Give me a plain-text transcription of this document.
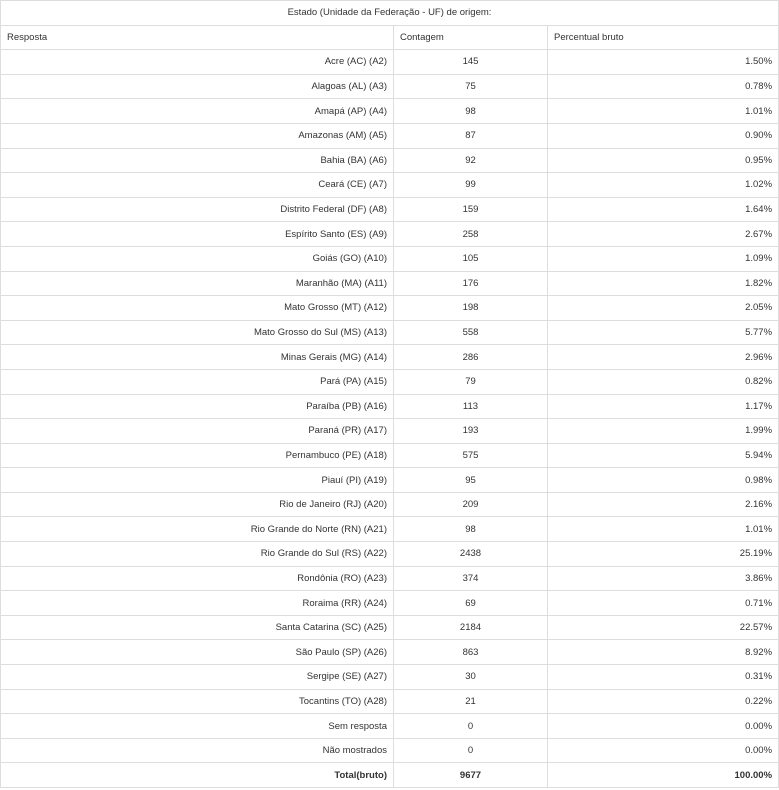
Estado (Unidade da Federação - UF) de origem:		
Resposta	Contagem	Percentual bruto
Acre (AC) (A2)	145	1.50%
Alagoas (AL) (A3)	75	0.78%
Amapá (AP) (A4)	98	1.01%
Amazonas (AM) (A5)	87	0.90%
Bahia (BA) (A6)	92	0.95%
Ceará (CE) (A7)	99	1.02%
Distrito Federal (DF) (A8)	159	1.64%
Espírito Santo (ES) (A9)	258	2.67%
Goiás (GO) (A10)	105	1.09%
Maranhão (MA) (A11)	176	1.82%
Mato Grosso (MT) (A12)	198	2.05%
Mato Grosso do Sul (MS) (A13)	558	5.77%
Minas Gerais (MG) (A14)	286	2.96%
Pará (PA) (A15)	79	0.82%
Paraíba (PB) (A16)	113	1.17%
Paraná (PR) (A17)	193	1.99%
Pernambuco (PE) (A18)	575	5.94%
Piauí (PI) (A19)	95	0.98%
Rio de Janeiro (RJ) (A20)	209	2.16%
Rio Grande do Norte (RN) (A21)	98	1.01%
Rio Grande do Sul (RS) (A22)	2438	25.19%
Rondônia (RO) (A23)	374	3.86%
Roraima (RR) (A24)	69	0.71%
Santa Catarina (SC) (A25)	2184	22.57%
São Paulo (SP) (A26)	863	8.92%
Sergipe (SE) (A27)	30	0.31%
Tocantins (TO) (A28)	21	0.22%
Sem resposta	0	0.00%
Não mostrados	0	0.00%
Total(bruto)	9677	100.00%
